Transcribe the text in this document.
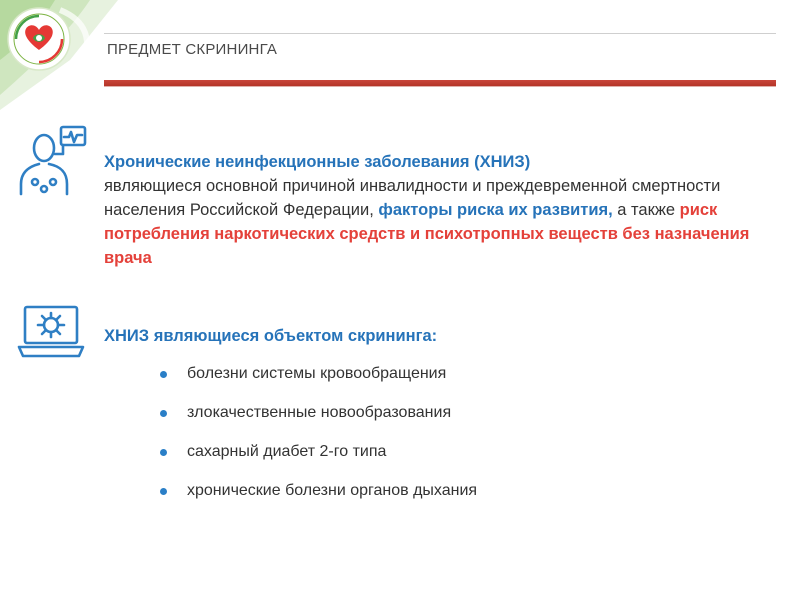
ПРЕДМЕТ СКРИНИНГА
Хронические неинфекционные заболевания (ХНИЗ)
являющиеся основной причиной инвалидности и преждевременной смертности населения Российской Федерации, факторы риска их развития, а также риск потребления наркотических средств и психотропных веществ без назначения врача
ХНИЗ являющиеся объектом скрининга:
болезни системы кровообращения
злокачественные новообразования
сахарный диабет 2-го типа
хронические болезни органов дыхания
